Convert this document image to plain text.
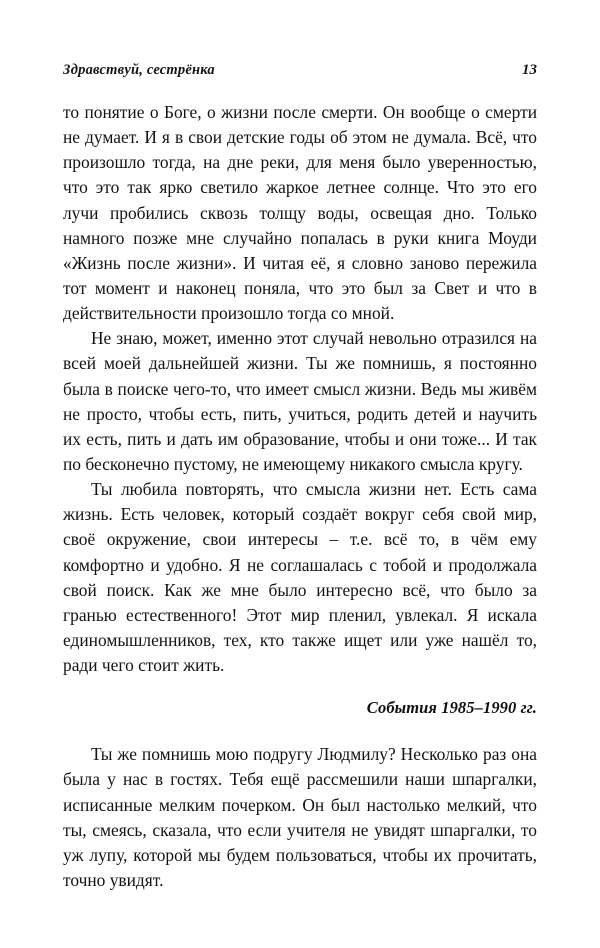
Здравствуй, сестрёнка	13

то понятие о Боге, о жизни после смерти. Он вообще о смерти не думает. И я в свои детские годы об этом не думала. Всё, что произошло тогда, на дне реки, для меня было уверенностью, что это так ярко светило жаркое летнее солнце. Что это его лучи пробились сквозь толщу воды, освещая дно. Только намного позже мне случайно попалась в руки книга Моуди «Жизнь после жизни». И читая её, я словно заново пережила тот момент и наконец поняла, что это был за Свет и что в действительности произошло тогда со мной.

Не знаю, может, именно этот случай невольно отразился на всей моей дальнейшей жизни. Ты же помнишь, я постоянно была в поиске чего-то, что имеет смысл жизни. Ведь мы живём не просто, чтобы есть, пить, учиться, родить детей и научить их есть, пить и дать им образование, чтобы и они тоже... И так по бесконечно пустому, не имеющему никакого смысла кругу.

Ты любила повторять, что смысла жизни нет. Есть сама жизнь. Есть человек, который создаёт вокруг себя свой мир, своё окружение, свои интересы – т.е. всё то, в чём ему комфортно и удобно. Я не соглашалась с тобой и продолжала свой поиск. Как же мне было интересно всё, что было за гранью естественного! Этот мир пленил, увлекал. Я искала единомышленников, тех, кто также ищет или уже нашёл то, ради чего стоит жить.

События 1985–1990 гг.

Ты же помнишь мою подругу Людмилу? Несколько раз она была у нас в гостях. Тебя ещё рассмешили наши шпаргалки, исписанные мелким почерком. Он был настолько мелкий, что ты, смеясь, сказала, что если учителя не увидят шпаргалки, то уж лупу, которой мы будем пользоваться, чтобы их прочитать, точно увидят.
